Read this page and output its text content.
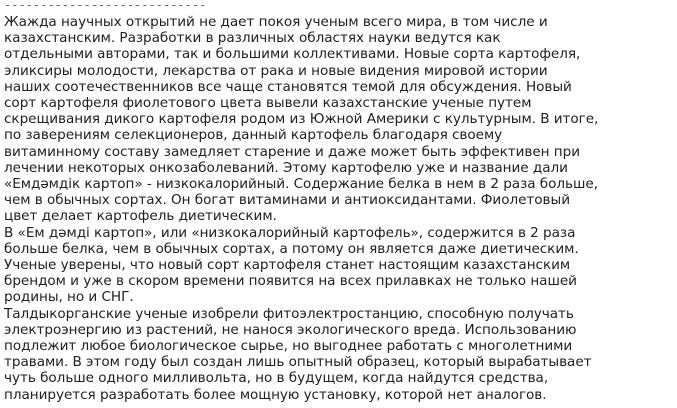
----------------------------
Жажда научных открытий не дает покоя ученым всего мира, в том числе и
казахстанским. Разработки в различных областях науки ведутся как
отдельными авторами, так и большими коллективами. Новые сорта картофеля,
эликсиры молодости, лекарства от рака и новые видения мировой истории
наших соотечественников все чаще становятся темой для обсуждения. Новый
сорт картофеля фиолетового цвета вывели казахстанские ученые путем
скрещивания дикого картофеля родом из Южной Америки с культурным. В итоге,
по заверениям селекционеров, данный картофель благодаря своему
витаминному составу замедляет старение и даже может быть эффективен при
лечении некоторых онкозаболеваний. Этому картофелю уже и название дали
«Емдәмдік картоп» - низкокалорийный. Содержание белка в нем в 2 раза больше,
чем в обычных сортах. Он богат витаминами и антиоксидантами. Фиолетовый
цвет делает картофель диетическим.
В «Ем дәмді картоп», или «низкокалорийный картофель», содержится в 2 раза
больше белка, чем в обычных сортах, а потому он является даже диетическим.
Ученые уверены, что новый сорт картофеля станет настоящим казахстанским
брендом и уже в скором времени появится на всех прилавках не только нашей
родины, но и СНГ.
Талдыкорганские ученые изобрели фитоэлектростанцию, способную получать
электроэнергию из растений, не нанося экологического вреда. Использованию
подлежит любое биологическое сырье, но выгоднее работать с многолетними
травами. В этом году был создан лишь опытный образец, который вырабатывает
чуть больше одного милливольта, но в будущем, когда найдутся средства,
планируется разработать более мощную установку, которой нет аналогов.
